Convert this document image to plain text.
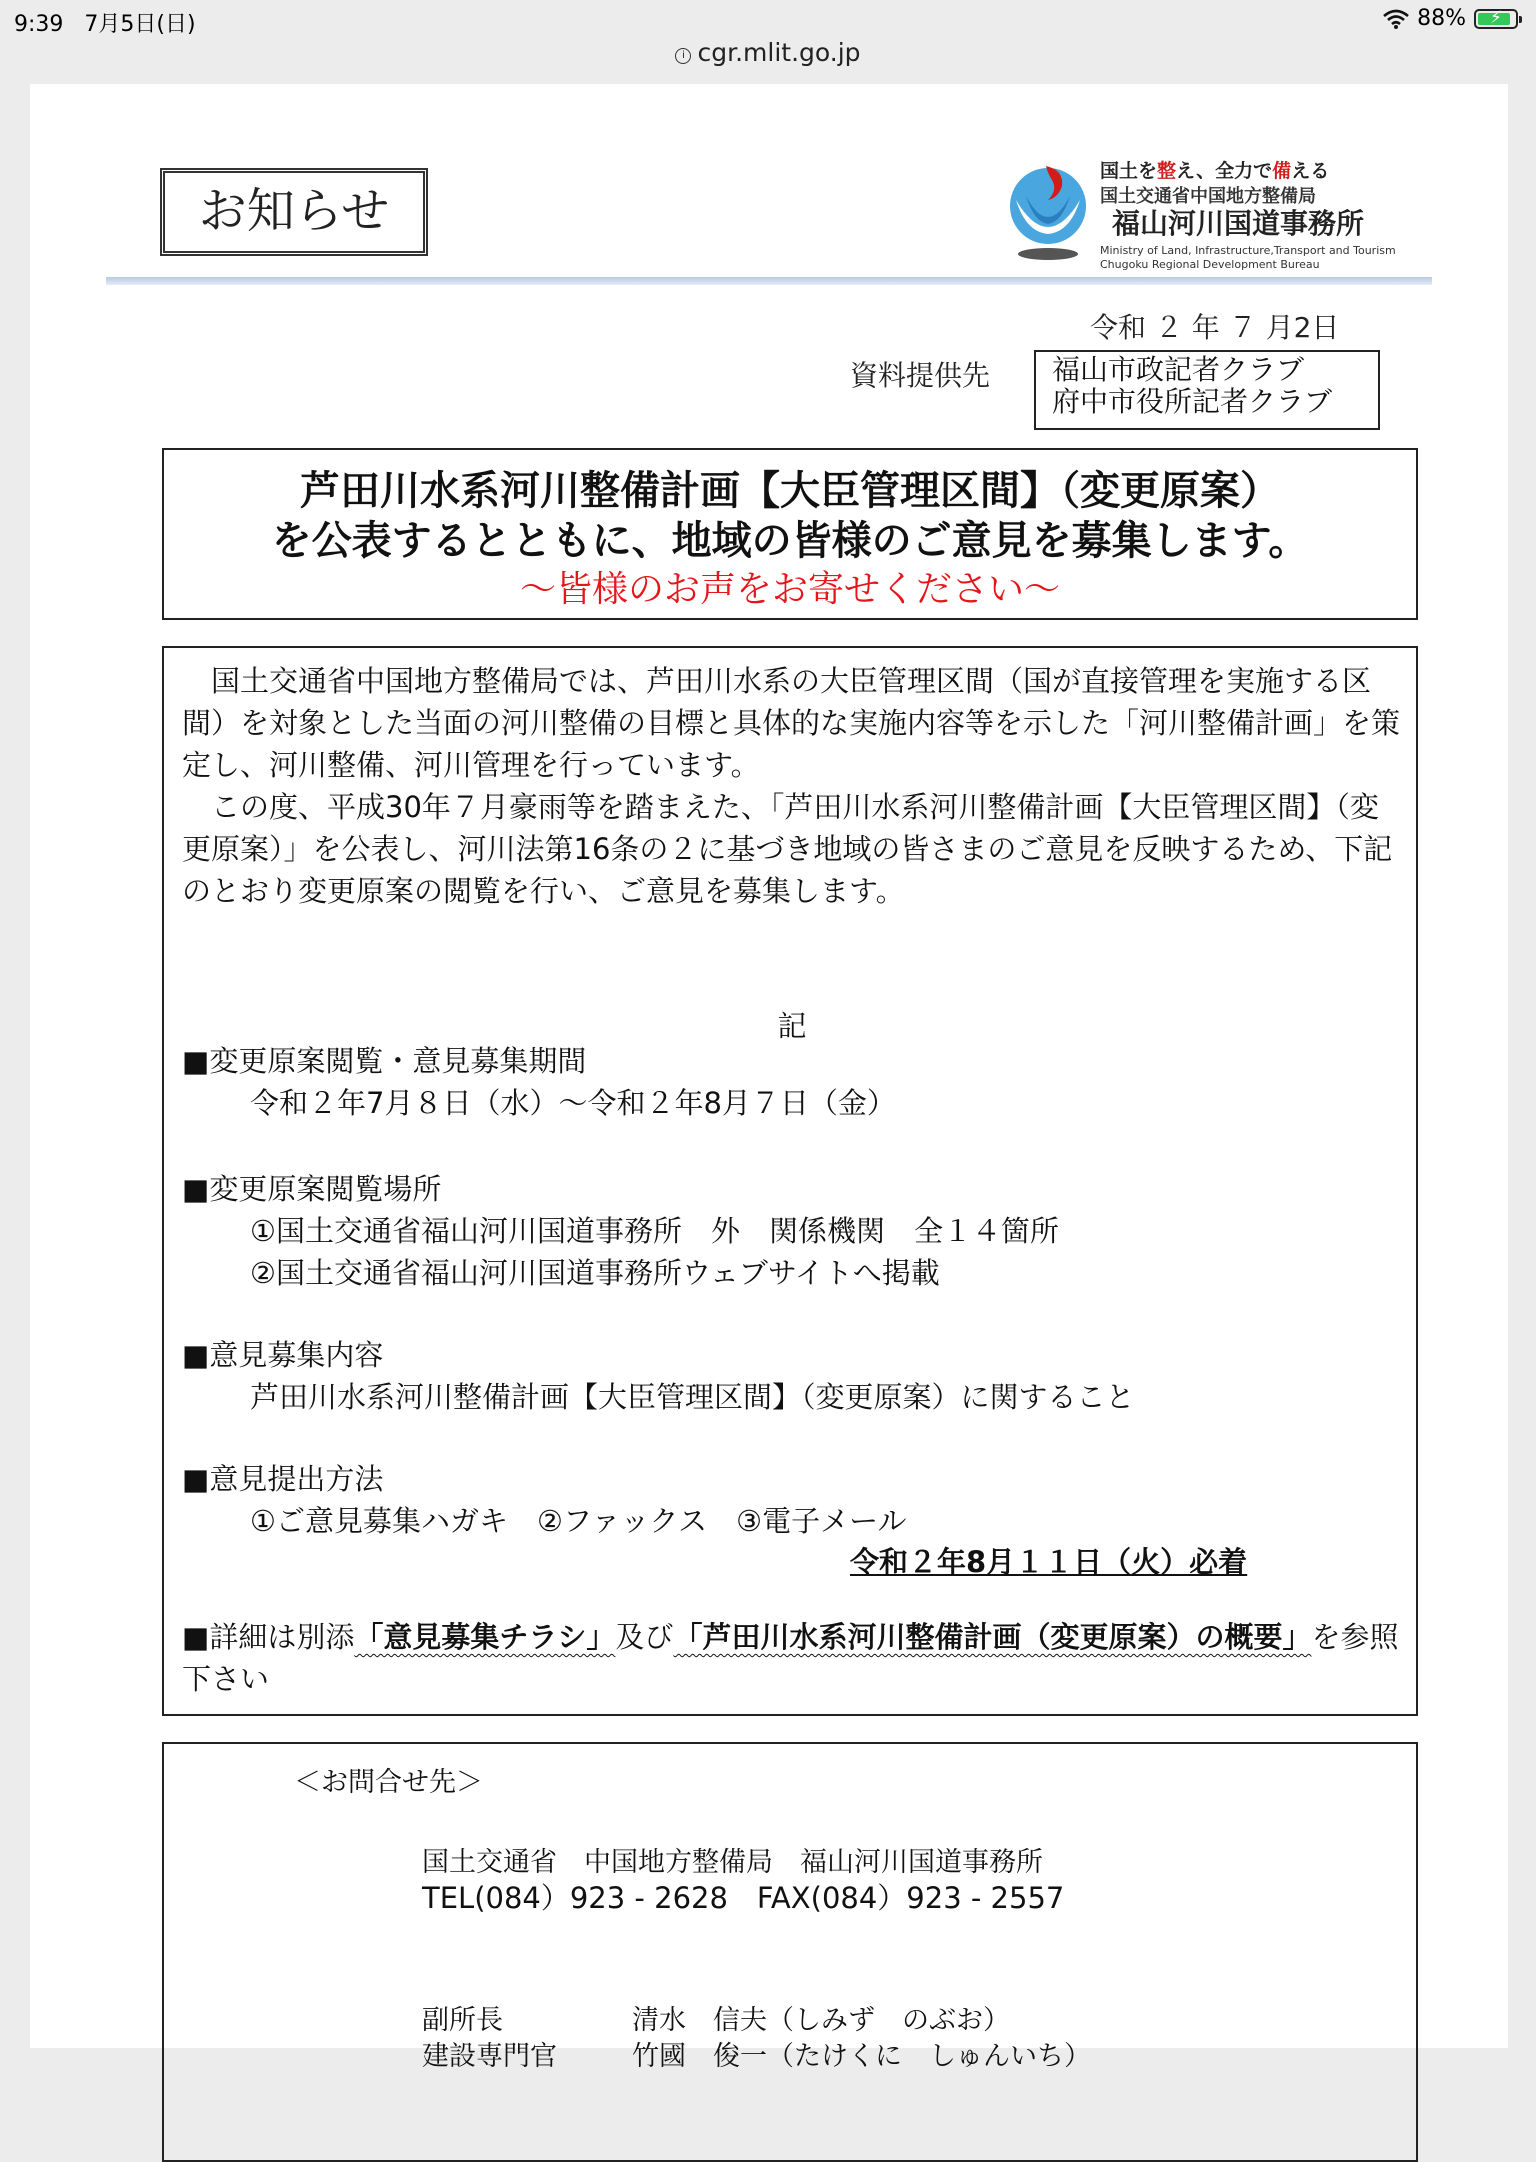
9:39 7月5日(日)	88%	⚡
i cgr.mlit.go.jp
お知らせ
国土を整え、全力で備える
国土交通省中国地方整備局
福山河川国道事務所
Ministry of Land, Infrastructure,Transport and Tourism
Chugoku Regional Development Bureau
令和 ２ 年 ７ 月2日
資料提供先 福山市政記者クラブ
府中市役所記者クラブ
芦田川水系河川整備計画【大臣管理区間】（変更原案）
を公表するとともに、地域の皆様のご意見を募集します。
～皆様のお声をお寄せください～
　国土交通省中国地方整備局では、芦田川水系の大臣管理区間（国が直接管理を実施する区間）を対象とした当面の河川整備の目標と具体的な実施内容等を示した「河川整備計画」を策定し、河川整備、河川管理を行っています。
　この度、平成30年７月豪雨等を踏まえた、「芦田川水系河川整備計画【大臣管理区間】（変更原案）」を公表し、河川法第16条の２に基づき地域の皆さまのご意見を反映するため、下記のとおり変更原案の閲覧を行い、ご意見を募集します。
記
■変更原案閲覧・意見募集期間
令和２年7月８日（水）～令和２年8月７日（金）
■変更原案閲覧場所
①国土交通省福山河川国道事務所　外　関係機関　全１４箇所
②国土交通省福山河川国道事務所ウェブサイトへ掲載
■意見募集内容
芦田川水系河川整備計画【大臣管理区間】（変更原案）に関すること
■意見提出方法
①ご意見募集ハガキ　②ファックス　③電子メール
令和２年8月１１日（火）必着
■詳細は別添「意見募集チラシ」及び「芦田川水系河川整備計画（変更原案）の概要」を参照下さい
＜お問合せ先＞
国土交通省　中国地方整備局　福山河川国道事務所
TEL(084）923 - 2628　FAX(084）923 - 2557
副所長	清水　信夫（しみず　のぶお）
建設専門官	竹國　俊一（たけくに　しゅんいち）
